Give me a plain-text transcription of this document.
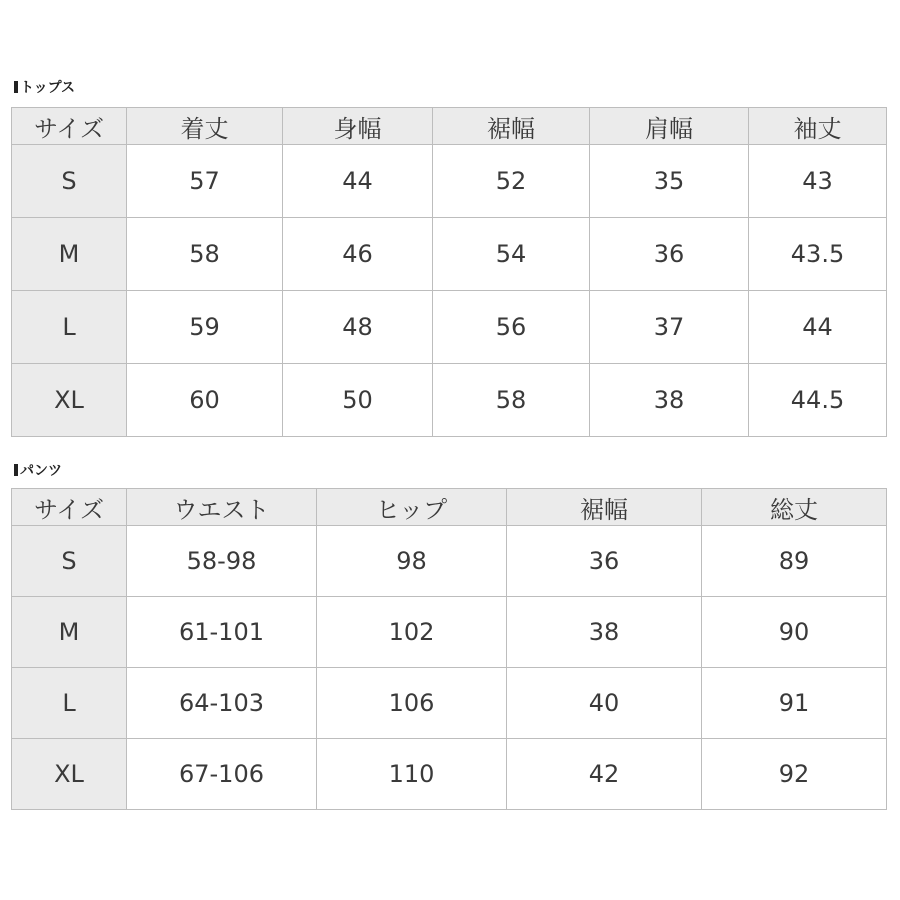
トップス
サイズ	着丈	身幅	裾幅	肩幅	袖丈
S	57	44	52	35	43
M	58	46	54	36	43.5
L	59	48	56	37	44
XL	60	50	58	38	44.5
パンツ
サイズ	ウエスト	ヒップ	裾幅	総丈
S	58-98	98	36	89
M	61-101	102	38	90
L	64-103	106	40	91
XL	67-106	110	42	92
